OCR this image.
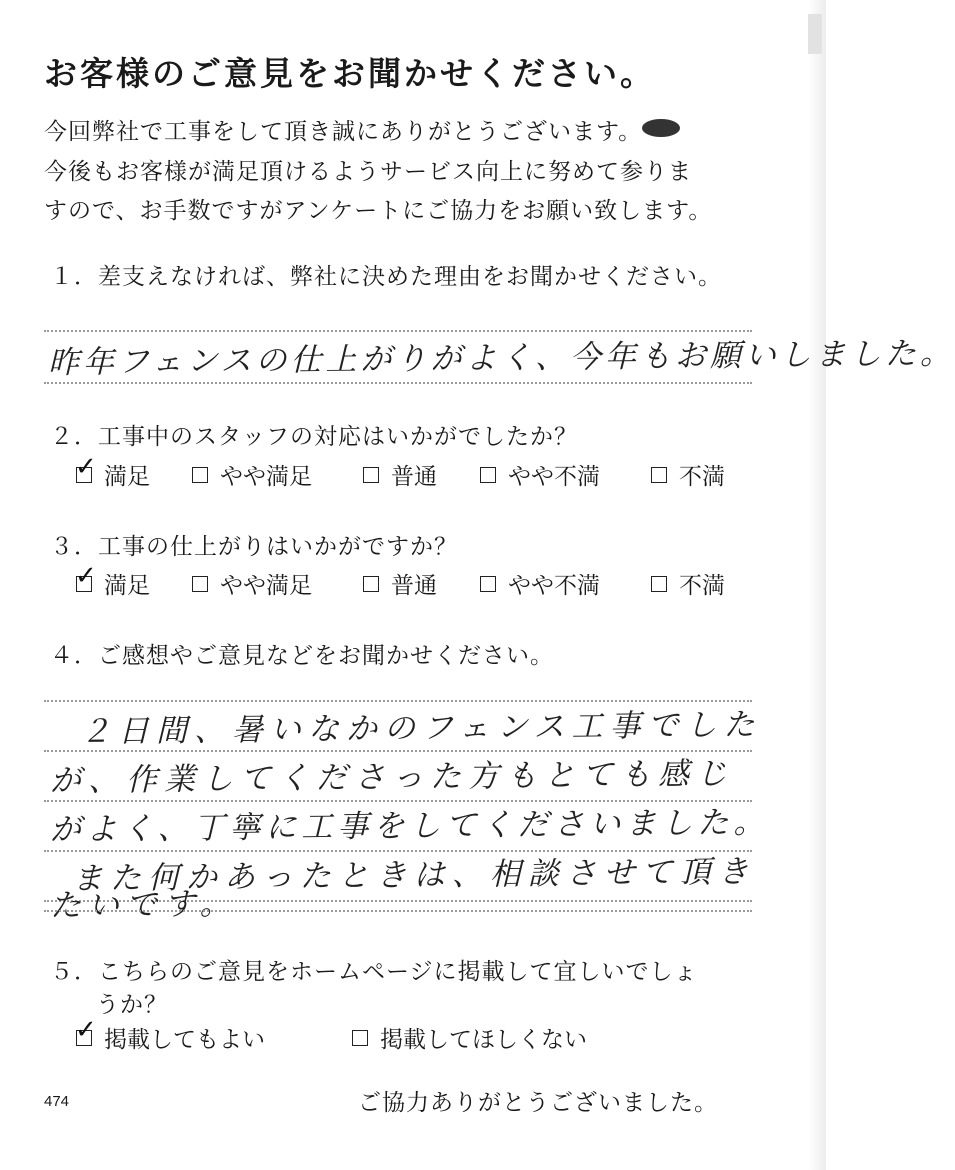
お客様のご意見をお聞かせください。
今回弊社で工事をして頂き誠にありがとうございます。
今後もお客様が満足頂けるようサービス向上に努めて参りま
すので、お手数ですがアンケートにご協力をお願い致します。
１．差支えなければ、弊社に決めた理由をお聞かせください。
昨年フェンスの仕上がりがよく、今年もお願いしました。
２．工事中のスタッフの対応はいかがでしたか？
✓ 満足	やや満足	普通	やや不満	不満
３．工事の仕上がりはいかがですか？
✓ 満足	やや満足	普通	やや不満	不満
４．ご感想やご意見などをお聞かせください。
２日間、暑いなかのフェンス工事でした
が、作業してくださった方もとても感じ
がよく、丁寧に工事をしてくださいました。
また何かあったときは、相談させて頂き
たいです。
５．こちらのご意見をホームページに掲載して宜しいでしょ
うか？
✓ 掲載してもよい	掲載してほしくない
474	ご協力ありがとうございました。
